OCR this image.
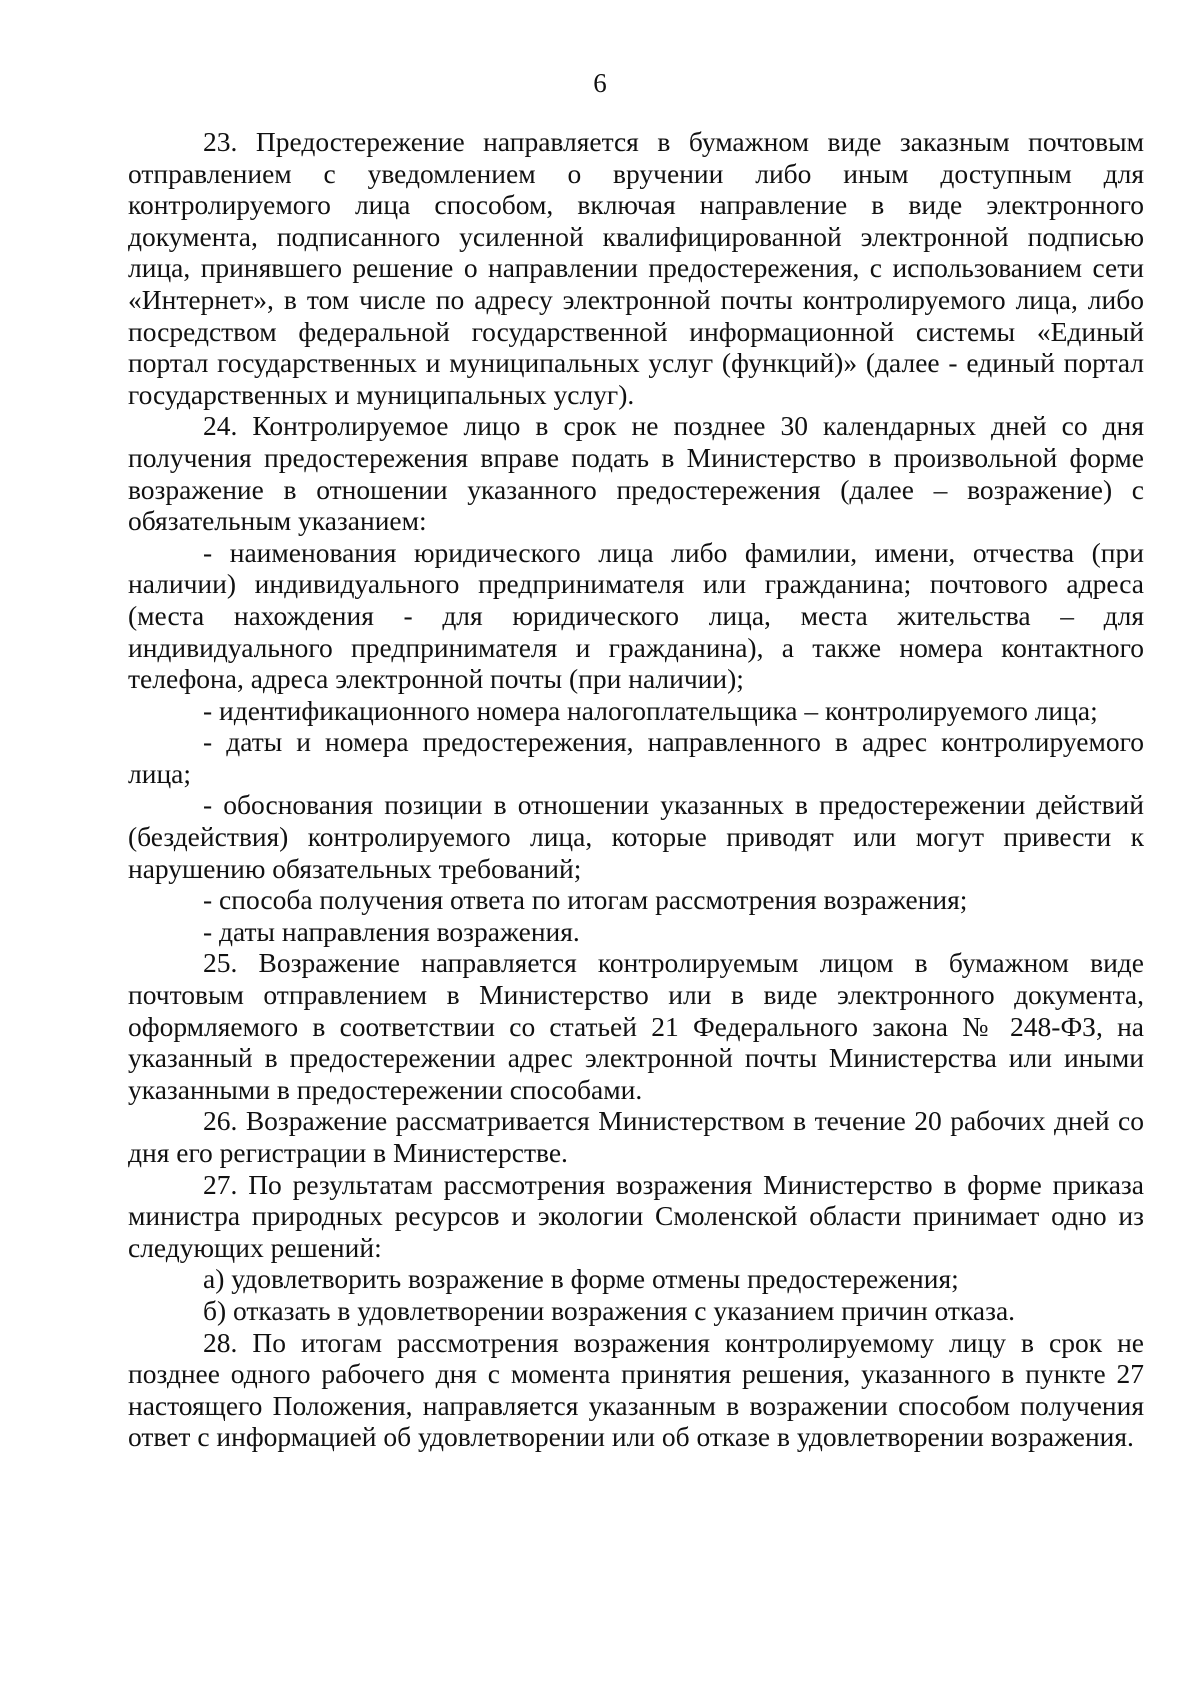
6

23. Предостережение направляется в бумажном виде заказным почтовым отправлением с уведомлением о вручении либо иным доступным для контролируемого лица способом, включая направление в виде электронного документа, подписанного усиленной квалифицированной электронной подписью лица, принявшего решение о направлении предостережения, с использованием сети «Интернет», в том числе по адресу электронной почты контролируемого лица, либо посредством федеральной государственной информационной системы «Единый портал государственных и муниципальных услуг (функций)» (далее - единый портал государственных и муниципальных услуг).

24. Контролируемое лицо в срок не позднее 30 календарных дней со дня получения предостережения вправе подать в Министерство в произвольной форме возражение в отношении указанного предостережения (далее – возражение) с обязательным указанием:

- наименования юридического лица либо фамилии, имени, отчества (при наличии) индивидуального предпринимателя или гражданина; почтового адреса (места нахождения - для юридического лица, места жительства – для индивидуального предпринимателя и гражданина), а также номера контактного телефона, адреса электронной почты (при наличии);

- идентификационного номера налогоплательщика – контролируемого лица;

- даты и номера предостережения, направленного в адрес контролируемого лица;

- обоснования позиции в отношении указанных в предостережении действий (бездействия) контролируемого лица, которые приводят или могут привести к нарушению обязательных требований;

- способа получения ответа по итогам рассмотрения возражения;

- даты направления возражения.

25. Возражение направляется контролируемым лицом в бумажном виде почтовым отправлением в Министерство или в виде электронного документа, оформляемого в соответствии со статьей 21 Федерального закона № 248-ФЗ, на указанный в предостережении адрес электронной почты Министерства или иными указанными в предостережении способами.

26. Возражение рассматривается Министерством в течение 20 рабочих дней со дня его регистрации в Министерстве.

27. По результатам рассмотрения возражения Министерство в форме приказа министра природных ресурсов и экологии Смоленской области принимает одно из следующих решений:

а) удовлетворить возражение в форме отмены предостережения;

б) отказать в удовлетворении возражения с указанием причин отказа.

28. По итогам рассмотрения возражения контролируемому лицу в срок не позднее одного рабочего дня с момента принятия решения, указанного в пункте 27 настоящего Положения, направляется указанным в возражении способом получения ответ с информацией об удовлетворении или об отказе в удовлетворении возражения.
